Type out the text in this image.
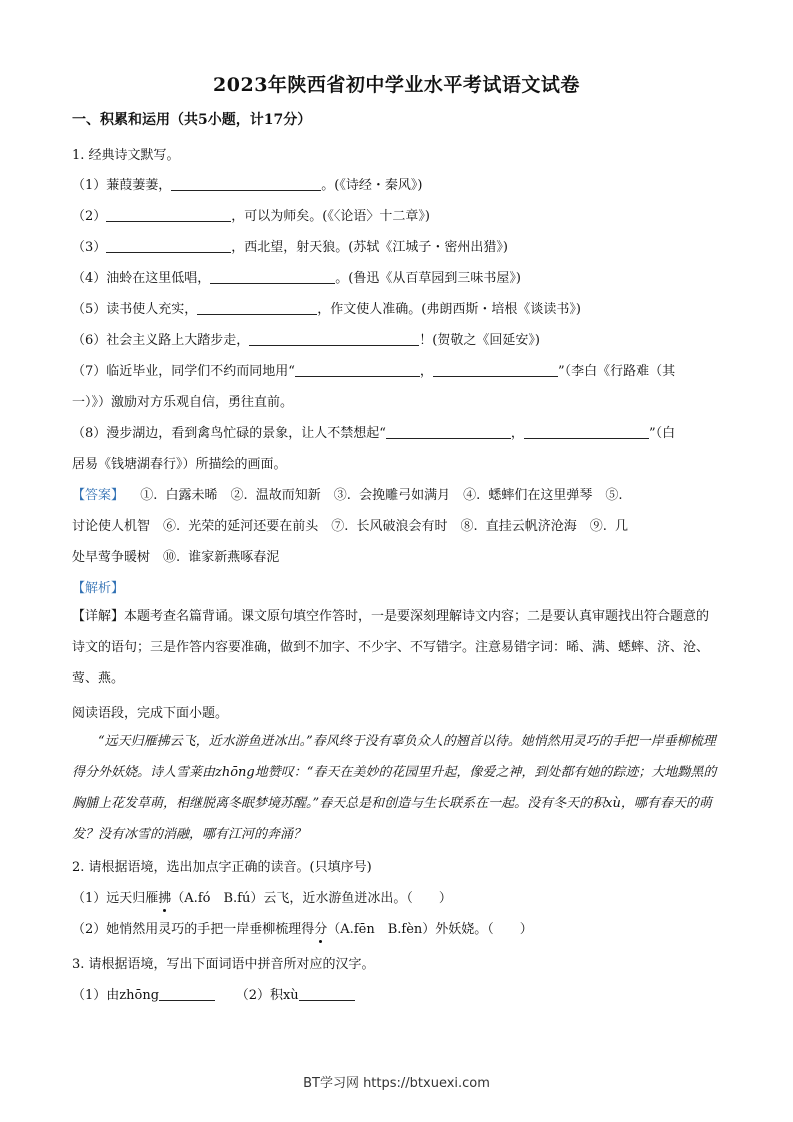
2023年陕西省初中学业水平考试语文试卷
一、积累和运用（共5小题，计17分）
1. 经典诗文默写。
（1）蒹葭萋萋，	。(《诗经・秦风》)
（2）	，可以为师矣。(《〈论语〉十二章》)
（3）	，西北望，射天狼。(苏轼《江城子・密州出猎》)
（4）油蛉在这里低唱，	。(鲁迅《从百草园到三味书屋》)
（5）读书使人充实，	，作文使人准确。(弗朗西斯・培根《谈读书》)
（6）社会主义路上大踏步走，	！(贺敬之《回延安》)
（7）临近毕业，同学们不约而同地用“	，	”（李白《行路难（其
一）》）激励对方乐观自信，勇往直前。
（8）漫步湖边，看到禽鸟忙碌的景象，让人不禁想起“	，	”（白
居易《钱塘湖春行》）所描绘的画面。
【答案】 ①. 白露未晞　②. 温故而知新　③. 会挽雕弓如满月　④. 蟋蟀们在这里弹琴　⑤.
讨论使人机智　⑥. 光荣的延河还要在前头　⑦. 长风破浪会有时　⑧. 直挂云帆济沧海　⑨. 几
处早莺争暖树　⑩. 谁家新燕啄春泥
【解析】
【详解】本题考查名篇背诵。课文原句填空作答时，一是要深刻理解诗文内容；二是要认真审题找出符合题意的诗文的语句；三是作答内容要准确，做到不加字、不少字、不写错字。注意易错字词：晞、满、蟋蟀、济、沧、莺、燕。
阅读语段，完成下面小题。
“远天归雁拂云飞，近水游鱼迸冰出。”春风终于没有辜负众人的翘首以待。她悄然用灵巧的手把一岸垂柳梳理得分外妖娆。诗人雪莱由zhōng地赞叹：“春天在美妙的花园里升起，像爱之神，到处都有她的踪迹；大地黝黑的胸脯上花发草萌，相继脱离冬眠梦境苏醒。”春天总是和创造与生长联系在一起。没有冬天的积xù，哪有春天的萌发？没有冰雪的消融，哪有江河的奔涌？
2. 请根据语境，选出加点字正确的读音。(只填序号)
（1）远天归雁拂（A.fó　B.fú）云飞，近水游鱼迸冰出。（　　）
（2）她悄然用灵巧的手把一岸垂柳梳理得分（A.fēn　B.fèn）外妖娆。（　　）
3. 请根据语境，写出下面词语中拼音所对应的汉字。
（1）由zhōng	（2）积xù
BT学习网 https://btxuexi.com
